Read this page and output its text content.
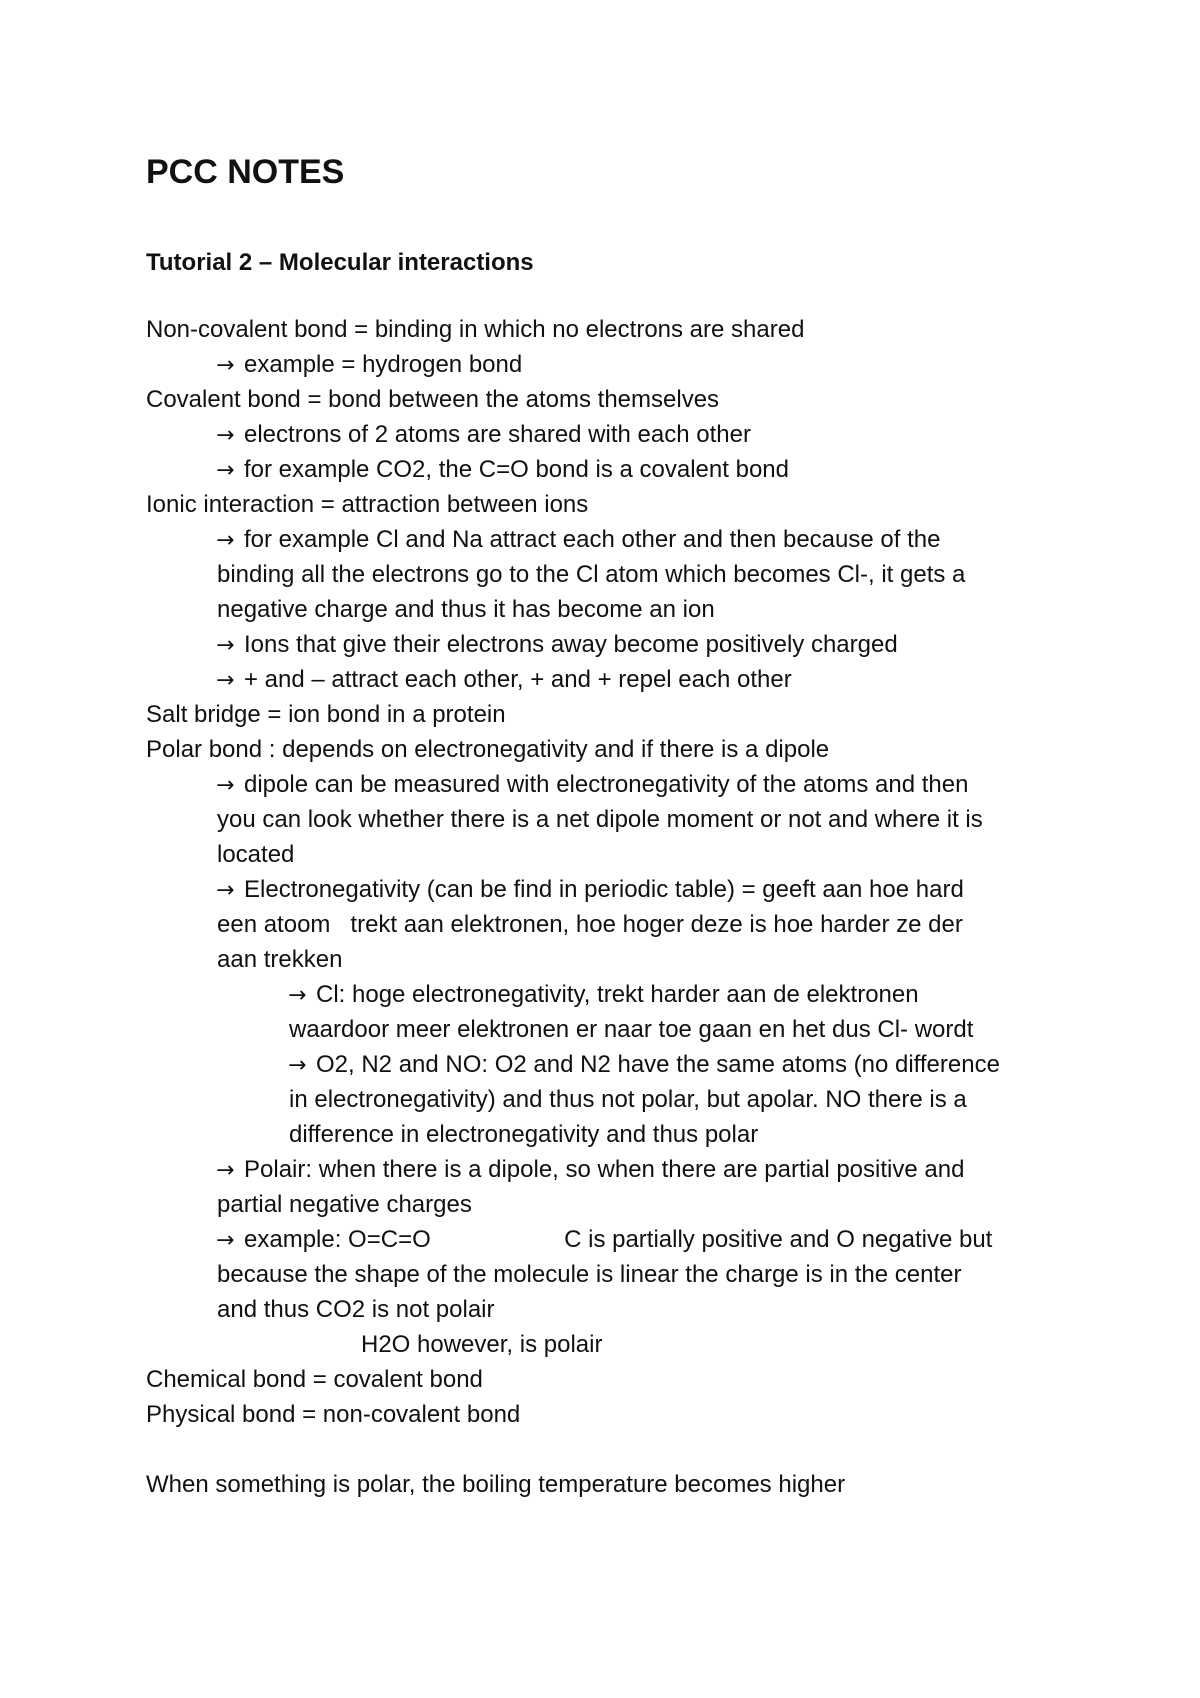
PCC NOTES
Tutorial 2 – Molecular interactions
Non-covalent bond = binding in which no electrons are shared
→ example = hydrogen bond
Covalent bond = bond between the atoms themselves
→ electrons of 2 atoms are shared with each other
→ for example CO2, the C=O bond is a covalent bond
Ionic interaction = attraction between ions
→ for example Cl and Na attract each other and then because of the
binding all the electrons go to the Cl atom which becomes Cl-, it gets a
negative charge and thus it has become an ion
→ Ions that give their electrons away become positively charged
→ + and – attract each other, + and + repel each other
Salt bridge = ion bond in a protein
Polar bond : depends on electronegativity and if there is a dipole
→ dipole can be measured with electronegativity of the atoms and then
you can look whether there is a net dipole moment or not and where it is
located
→ Electronegativity (can be find in periodic table) = geeft aan hoe hard
een atoom   trekt aan elektronen, hoe hoger deze is hoe harder ze der
aan trekken
→ Cl: hoge electronegativity, trekt harder aan de elektronen
waardoor meer elektronen er naar toe gaan en het dus Cl- wordt
→ O2, N2 and NO: O2 and N2 have the same atoms (no difference
in electronegativity) and thus not polar, but apolar. NO there is a
difference in electronegativity and thus polar
→ Polair: when there is a dipole, so when there are partial positive and
partial negative charges
→ example: O=C=O                    C is partially positive and O negative but
because the shape of the molecule is linear the charge is in the center
and thus CO2 is not polair
H2O however, is polair
Chemical bond = covalent bond
Physical bond = non-covalent bond
When something is polar, the boiling temperature becomes higher
